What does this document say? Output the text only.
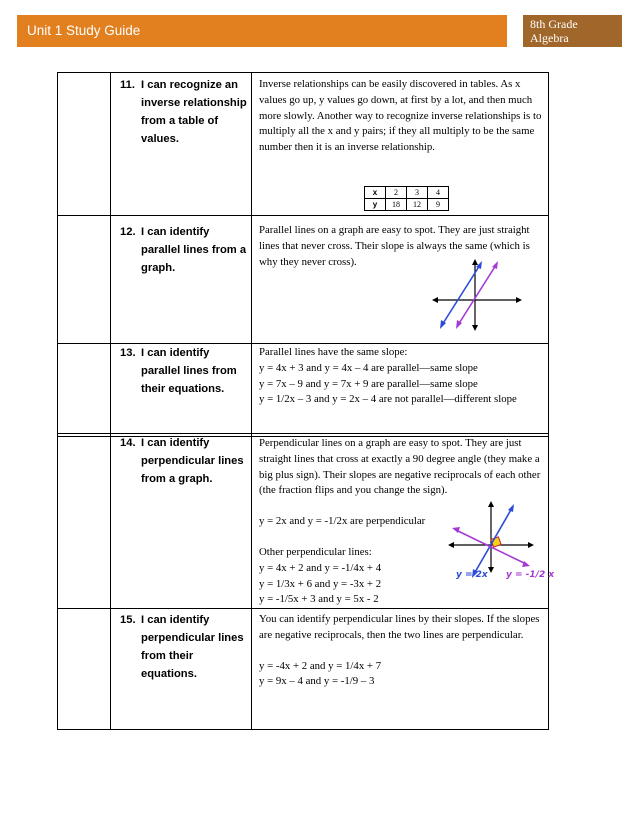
Unit 1 Study Guide	8th Grade
Algebra
11. I can recognize an inverse relationship from a table of values.

Inverse relationships can be easily discovered in tables. As x values go up, y values go down, at first by a lot, and then much more slowly. Another way to recognize inverse relationships is to multiply all the x and y pairs; if they all multiply to be the same number then it is an inverse relationship.

x	2	3	4
y	18	12	9
12. I can identify parallel lines from a graph.

Parallel lines on a graph are easy to spot. They are just straight lines that never cross. Their slope is always the same (which is why they never cross).

13. I can identify parallel lines from their equations.

Parallel lines have the same slope:

y = 4x + 3 and y = 4x – 4 are parallel—same slope

y = 7x – 9 and y = 7x + 9 are parallel—same slope

y = 1/2x – 3 and y = 2x – 4 are not parallel—different slope

14. I can identify perpendicular lines from a graph.

Perpendicular lines on a graph are easy to spot. They are just straight lines that cross at exactly a 90 degree angle (they make a big plus sign). Their slopes are negative reciprocals of each other (the fraction flips and you change the sign).

y = 2x and y = -1/2x are perpendicular

Other perpendicular lines:

y = 4x + 2 and y = -1/4x + 4

y = 1/3x + 6 and y = -3x + 2

y = -1/5x + 3 and y = 5x - 2

y = 2x y = -1/2 x
15. I can identify perpendicular lines from their equations.

You can identify perpendicular lines by their slopes. If the slopes are negative reciprocals, then the two lines are perpendicular.

y = -4x + 2 and y = 1/4x + 7

y = 9x – 4 and y = -1/9 – 3
